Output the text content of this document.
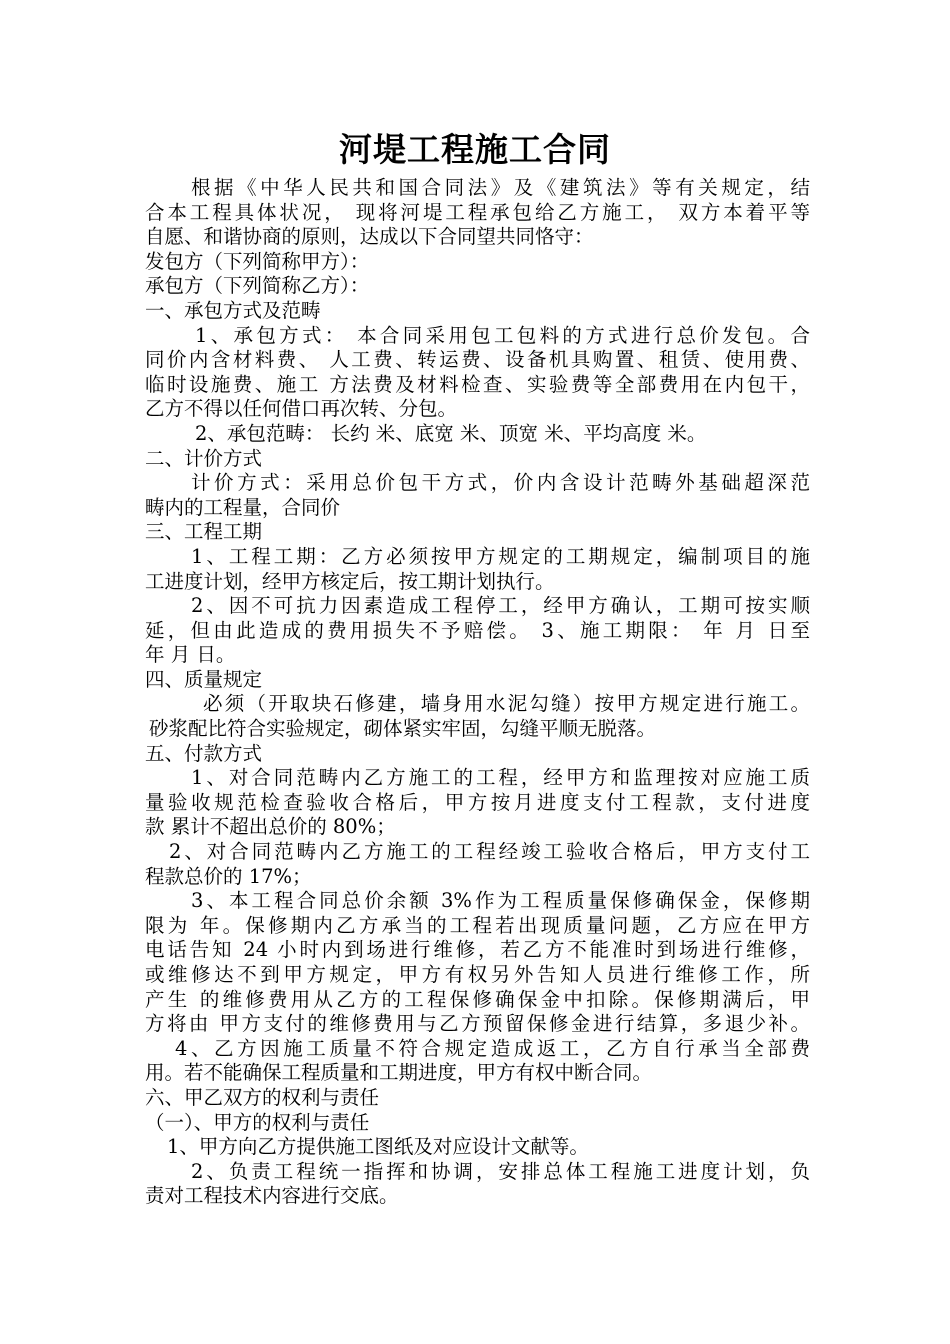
河堤工程施工合同

根据《中华人民共和国合同法》及《建筑法》等有关规定，结

合本工程具体状况， 现将河堤工程承包给乙方施工， 双方本着平等

自愿、和谐协商的原则，达成以下合同望共同恪守：

发包方（下列简称甲方）：

承包方（下列简称乙方）：

一、承包方式及范畴

1、承包方式： 本合同采用包工包料的方式进行总价发包。合

同价内含材料费、 人工费、转运费、设备机具购置、租赁、使用费、

临时设施费、施工 方法费及材料检查、实验费等全部费用在内包干，

乙方不得以任何借口再次转、分包。

2、承包范畴： 长约 米、底宽 米、顶宽 米、平均高度 米。

二、计价方式

计价方式：采用总价包干方式，价内含设计范畴外基础超深范

畴内的工程量，合同价

三、工程工期

1、工程工期：乙方必须按甲方规定的工期规定，编制项目的施

工进度计划，经甲方核定后，按工期计划执行。

2、因不可抗力因素造成工程停工，经甲方确认，工期可按实顺

延，但由此造成的费用损失不予赔偿。 3、施工期限： 年 月 日至

年 月 日。

四、质量规定

必须（开取块石修建，墙身用水泥勾缝）按甲方规定进行施工。

砂浆配比符合实验规定，砌体紧实牢固，勾缝平顺无脱落。

五、付款方式

1、对合同范畴内乙方施工的工程，经甲方和监理按对应施工质

量验收规范检查验收合格后，甲方按月进度支付工程款，支付进度

款 累计不超出总价的 80%；

2、对合同范畴内乙方施工的工程经竣工验收合格后，甲方支付工

程款总价的 17%；

3、本工程合同总价余额 3%作为工程质量保修确保金，保修期

限为 年。保修期内乙方承当的工程若出现质量问题，乙方应在甲方

电话告知 24 小时内到场进行维修，若乙方不能准时到场进行维修，

或维修达不到甲方规定，甲方有权另外告知人员进行维修工作，所

产生 的维修费用从乙方的工程保修确保金中扣除。保修期满后，甲

方将由 甲方支付的维修费用与乙方预留保修金进行结算，多退少补。

4、乙方因施工质量不符合规定造成返工，乙方自行承当全部费

用。若不能确保工程质量和工期进度，甲方有权中断合同。

六、甲乙双方的权利与责任

（一）、甲方的权利与责任

1、甲方向乙方提供施工图纸及对应设计文献等。

2、负责工程统一指挥和协调，安排总体工程施工进度计划，负

责对工程技术内容进行交底。
